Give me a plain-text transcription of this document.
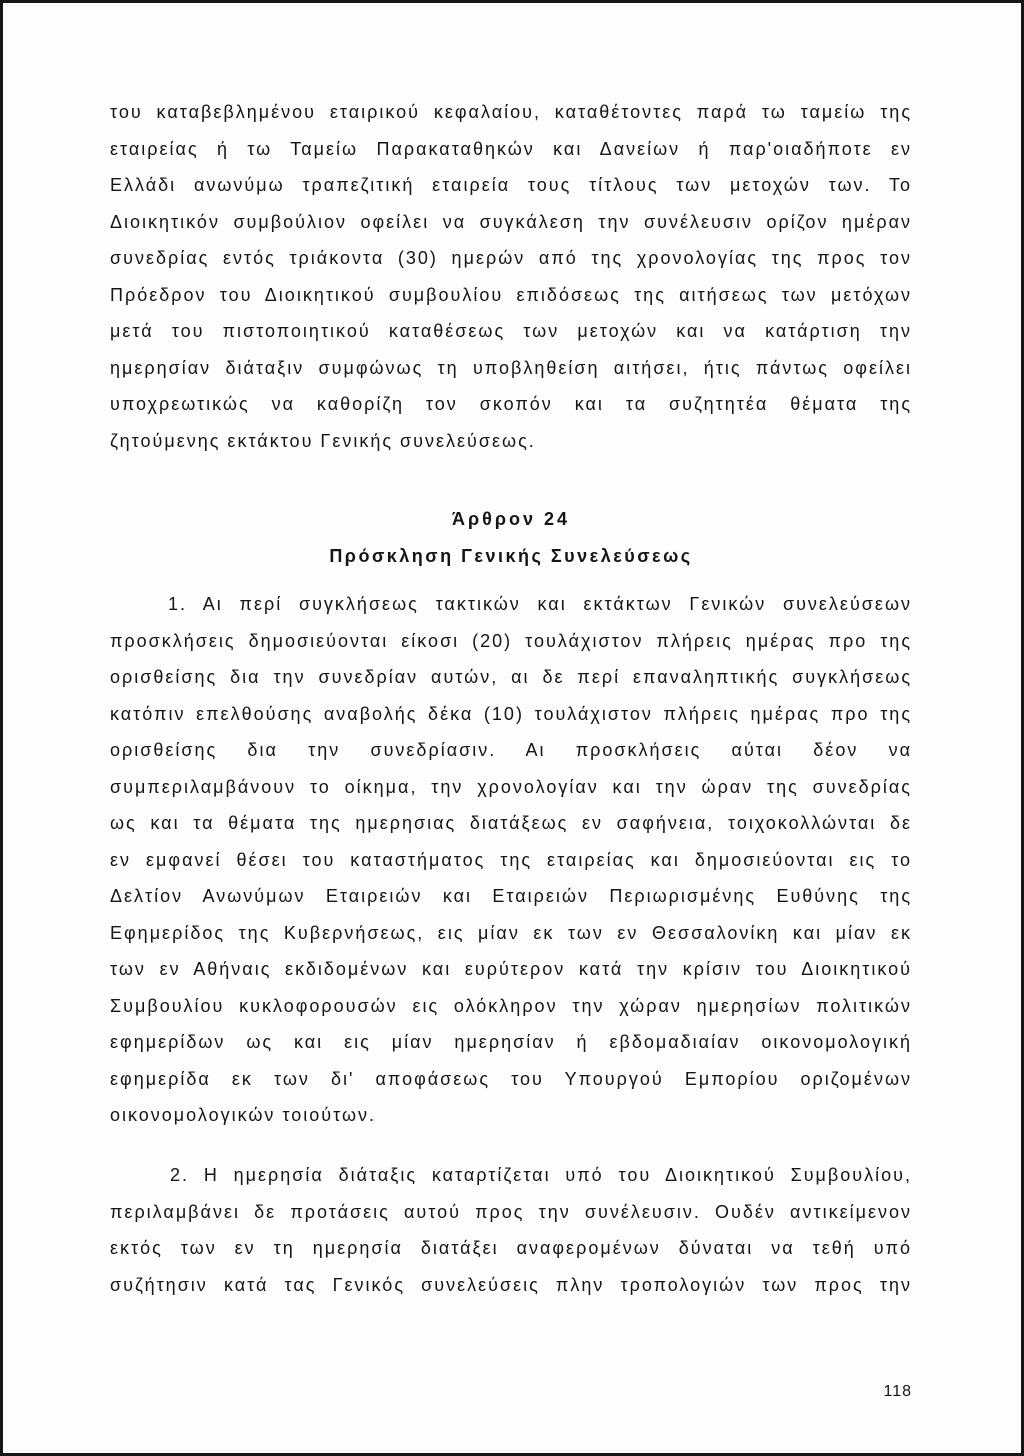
του καταβεβλημένου εταιρικού κεφαλαίου, καταθέτοντες παρά τω ταμείω της
εταιρείας ή τω Ταμείω Παρακαταθηκών και Δανείων ή παρ'οιαδήποτε εν
Ελλάδι ανωνύμω τραπεζιτική εταιρεία τους τίτλους των μετοχών των. Το
Διοικητικόν συμβούλιον οφείλει να συγκάλεση την συνέλευσιν ορίζον ημέραν
συνεδρίας εντός τριάκοντα (30) ημερών από της χρονολογίας της προς τον
Πρόεδρον του Διοικητικού συμβουλίου επιδόσεως της αιτήσεως των μετόχων
μετά του πιστοποιητικού καταθέσεως των μετοχών και να κατάρτιση την
ημερησίαν διάταξιν συμφώνως τη υποβληθείση αιτήσει, ήτις πάντως οφείλει
υποχρεωτικώς να καθορίζη τον σκοπόν και τα συζητητέα θέματα της
ζητούμενης εκτάκτου Γενικής συνελεύσεως.
Άρθρον 24
Πρόσκληση Γενικής Συνελεύσεως
1. Αι περί συγκλήσεως τακτικών και εκτάκτων Γενικών συνελεύσεων
προσκλήσεις δημοσιεύονται είκοσι (20) τουλάχιστον πλήρεις ημέρας προ της
ορισθείσης δια την συνεδρίαν αυτών, αι δε περί επαναληπτικής συγκλήσεως
κατόπιν επελθούσης αναβολής δέκα (10) τουλάχιστον πλήρεις ημέρας προ της
ορισθείσης δια την συνεδρίασιν. Αι προσκλήσεις αύται δέον να
συμπεριλαμβάνουν το οίκημα, την χρονολογίαν και την ώραν της συνεδρίας
ως και τα θέματα της ημερησιας διατάξεως εν σαφήνεια, τοιχοκολλώνται δε
εν εμφανεί θέσει του καταστήματος της εταιρείας και δημοσιεύονται εις το
Δελτίον Ανωνύμων Εταιρειών και Εταιρειών Περιωρισμένης Ευθύνης της
Εφημερίδος της Κυβερνήσεως, εις μίαν εκ των εν Θεσσαλονίκη και μίαν εκ
των εν Αθήναις εκδιδομένων και ευρύτερον κατά την κρίσιν του Διοικητικού
Συμβουλίου κυκλοφορουσών εις ολόκληρον την χώραν ημερησίων πολιτικών
εφημερίδων ως και εις μίαν ημερησίαν ή εβδομαδιαίαν οικονομολογική
εφημερίδα εκ των δι' αποφάσεως του Υπουργού Εμπορίου οριζομένων
οικονομολογικών τοιούτων.
2. Η ημερησία διάταξις καταρτίζεται υπό του Διοικητικού Συμβουλίου,
περιλαμβάνει δε προτάσεις αυτού προς την συνέλευσιν. Ουδέν αντικείμενον
εκτός των εν τη ημερησία διατάξει αναφερομένων δύναται να τεθή υπό
συζήτησιν κατά τας Γενικός συνελεύσεις πλην τροπολογιών των προς την
118
